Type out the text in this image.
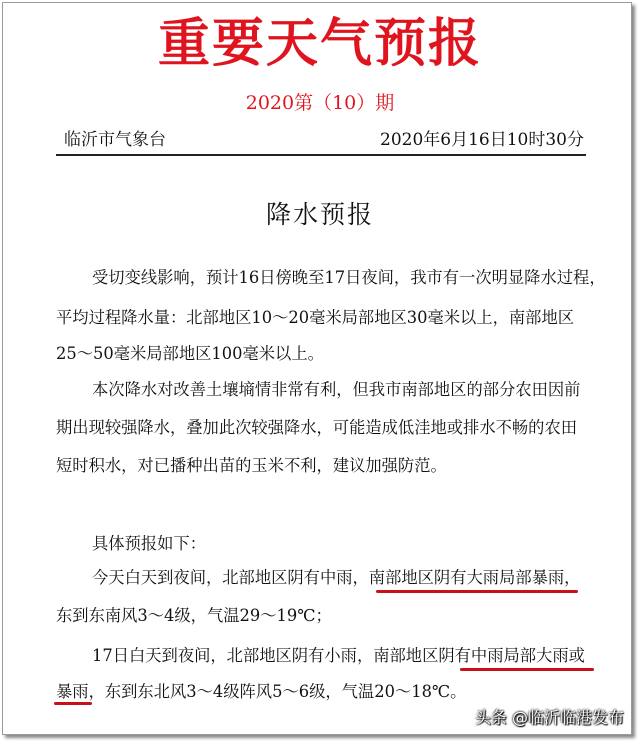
重要天气预报
2020第（10）期
临沂市气象台	2020年6月16日10时30分
降水预报
受切变线影响，预计16日傍晚至17日夜间，我市有一次明显降水过程，
平均过程降水量：北部地区10～20毫米局部地区30毫米以上，南部地区
25～50毫米局部地区100毫米以上。
本次降水对改善土壤墒情非常有利，但我市南部地区的部分农田因前
期出现较强降水，叠加此次较强降水，可能造成低洼地或排水不畅的农田
短时积水，对已播种出苗的玉米不利，建议加强防范。
具体预报如下：
今天白天到夜间，北部地区阴有中雨，南部地区阴有大雨局部暴雨，
东到东南风3～4级，气温29～19℃；
17日白天到夜间，北部地区阴有小雨，南部地区阴有中雨局部大雨或
暴雨，东到东北风3～4级阵风5～6级，气温20～18℃。
头条 @临沂临港发布
